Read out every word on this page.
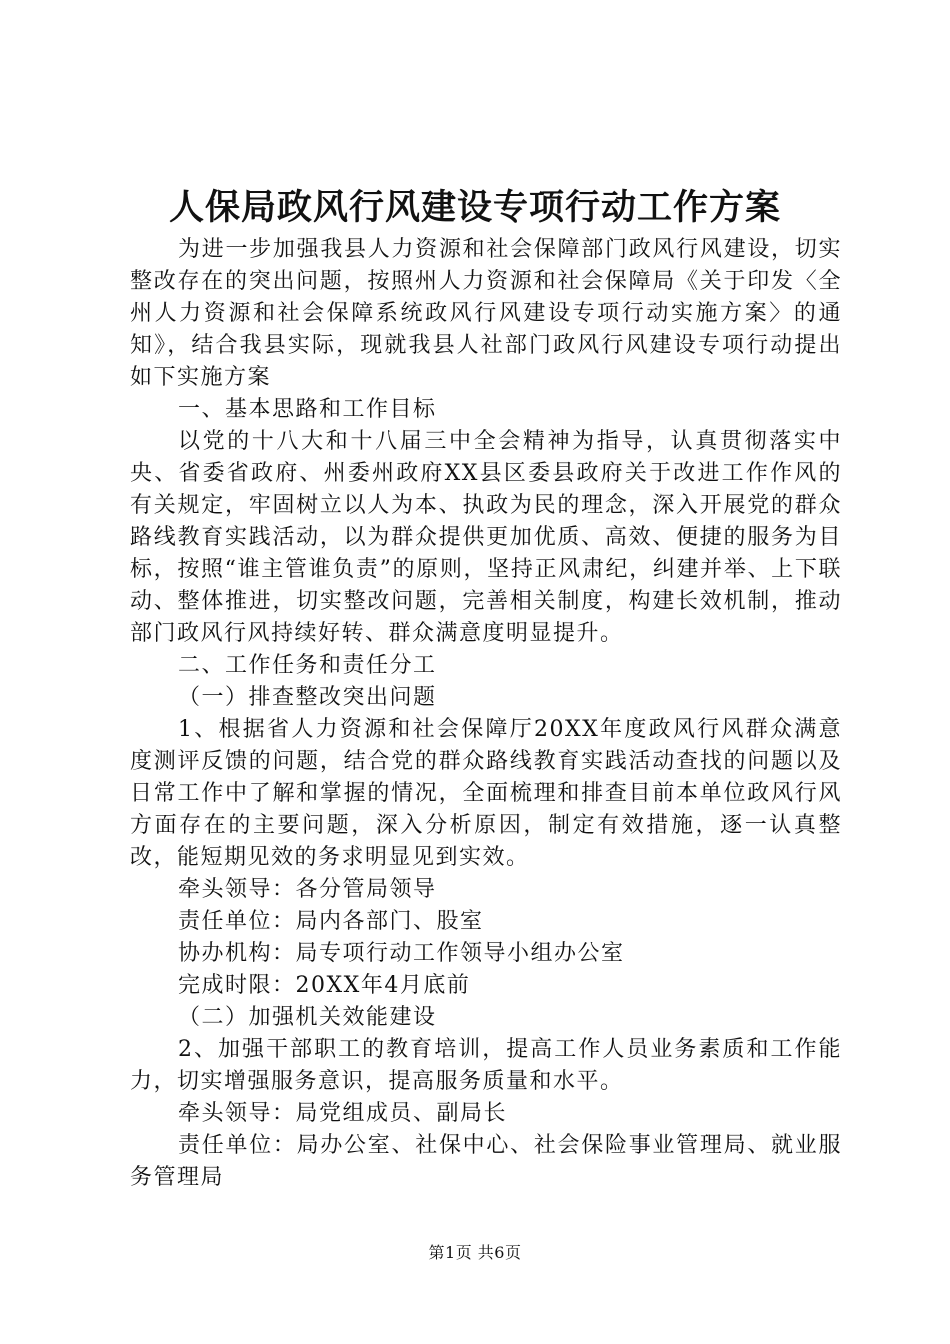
人保局政风行风建设专项行动工作方案

为进一步加强我县人力资源和社会保障部门政风行风建设，切实整改存在的突出问题，按照州人力资源和社会保障局《关于印发〈全州人力资源和社会保障系统政风行风建设专项行动实施方案〉的通知》，结合我县实际，现就我县人社部门政风行风建设专项行动提出如下实施方案

一、基本思路和工作目标

以党的十八大和十八届三中全会精神为指导，认真贯彻落实中央、省委省政府、州委州政府XX县区委县政府关于改进工作作风的有关规定，牢固树立以人为本、执政为民的理念，深入开展党的群众路线教育实践活动，以为群众提供更加优质、高效、便捷的服务为目标，按照“谁主管谁负责”的原则，坚持正风肃纪，纠建并举、上下联动、整体推进，切实整改问题，完善相关制度，构建长效机制，推动部门政风行风持续好转、群众满意度明显提升。

二、工作任务和责任分工

（一）排查整改突出问题

1、根据省人力资源和社会保障厅20XX年度政风行风群众满意度测评反馈的问题，结合党的群众路线教育实践活动查找的问题以及日常工作中了解和掌握的情况，全面梳理和排查目前本单位政风行风方面存在的主要问题，深入分析原因，制定有效措施，逐一认真整改，能短期见效的务求明显见到实效。

牵头领导：各分管局领导

责任单位：局内各部门、股室

协办机构：局专项行动工作领导小组办公室

完成时限：20XX年4月底前

（二）加强机关效能建设

2、加强干部职工的教育培训，提高工作人员业务素质和工作能力，切实增强服务意识，提高服务质量和水平。

牵头领导：局党组成员、副局长

责任单位：局办公室、社保中心、社会保险事业管理局、就业服务管理局

第1页 共6页
